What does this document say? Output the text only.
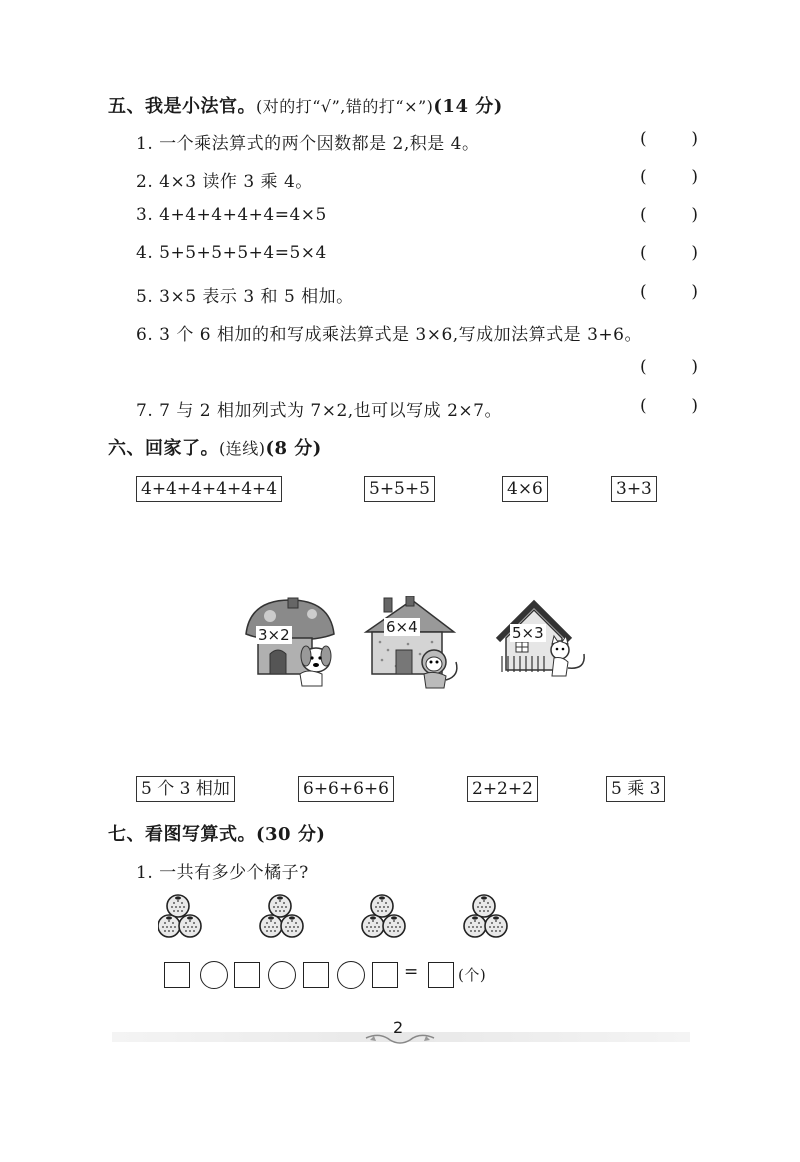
五、我是小法官。(对的打“√”,错的打“×”)(14 分)
1. 一个乘法算式的两个因数都是 2,积是 4。	(	)
2. 4×3 读作 3 乘 4。	(	)
3. 4+4+4+4+4=4×5	(	)
4. 5+5+5+5+4=5×4	(	)
5. 3×5 表示 3 和 5 相加。	(	)
6. 3 个 6 相加的和写成乘法算式是 3×6,写成加法算式是 3+6。
(	)
7. 7 与 2 相加列式为 7×2,也可以写成 2×7。	(	)
六、回家了。(连线)(8 分)
4+4+4+4+4+4	5+5+5	4×6	3+3
3×2	6×4	5×3
5 个 3 相加	6+6+6+6	2+2+2	5 乘 3
七、看图写算式。(30 分)
1. 一共有多少个橘子?
=	(个)
2
